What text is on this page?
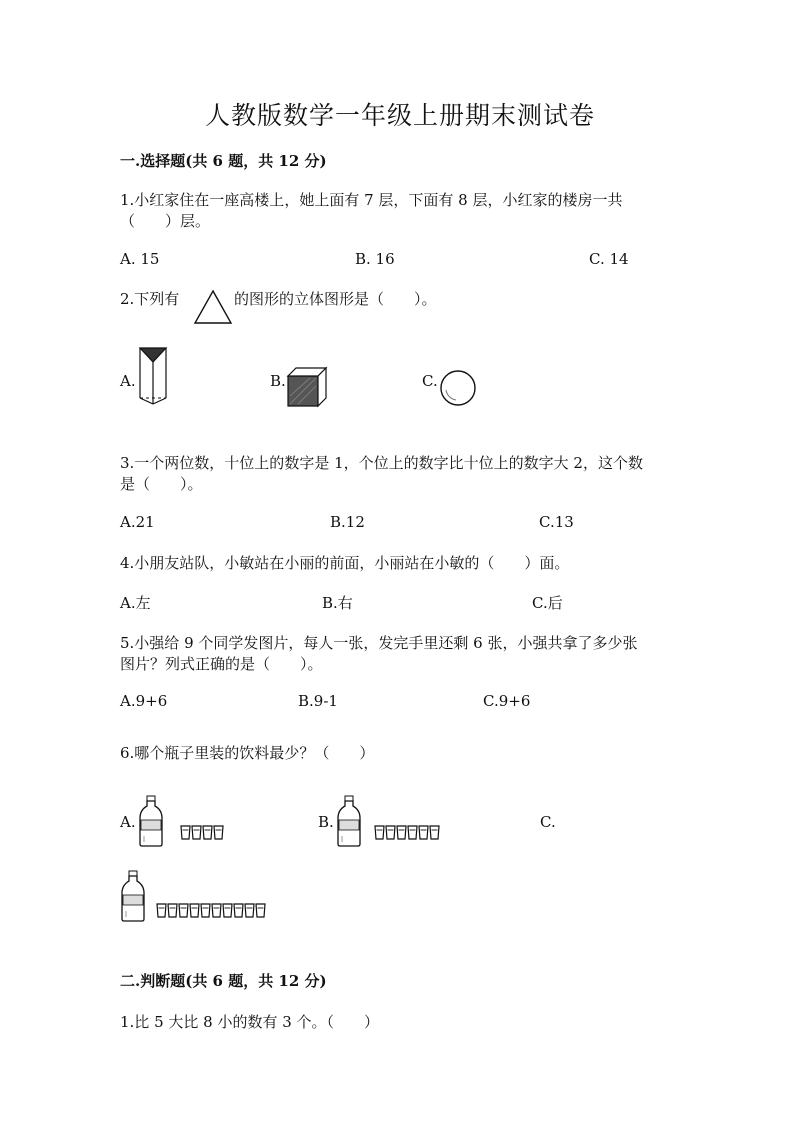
人教版数学一年级上册期末测试卷
一.选择题(共 6 题，共 12 分)
1.小红家住在一座高楼上，她上面有 7 层，下面有 8 层，小红家的楼房一共
（　　）层。
A. 15	B. 16	C. 14
2.下列有	的图形的立体图形是（　　）。
A.	B.	C.
3.一个两位数，十位上的数字是 1，个位上的数字比十位上的数字大 2，这个数
是（　　）。
A.21	B.12	C.13
4.小朋友站队，小敏站在小丽的前面，小丽站在小敏的（　　）面。
A.左	B.右	C.后
5.小强给 9 个同学发图片，每人一张，发完手里还剩 6 张，小强共拿了多少张
图片？列式正确的是（　　）。
A.9+6	B.9-1	C.9+6
6.哪个瓶子里装的饮料最少？（　　）
A.	B.	C.
二.判断题(共 6 题，共 12 分)
1.比 5 大比 8 小的数有 3 个。（　　）
